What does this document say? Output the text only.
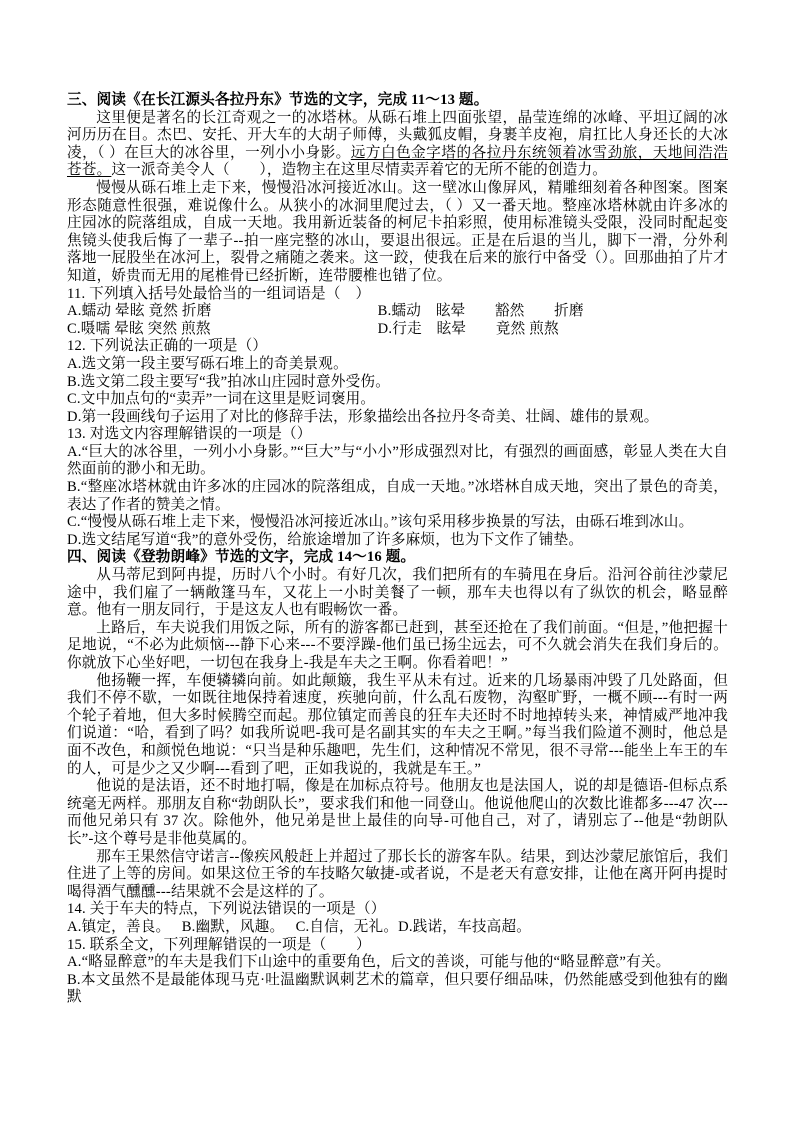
三、阅读《在长江源头各拉丹东》节选的文字，完成 11～13 题。

这里便是著名的长江奇观之一的冰塔林。从砾石堆上四面张望，晶莹连绵的冰峰、平坦辽阔的冰河历历在目。杰巴、安托、开大车的大胡子师傅，头戴狐皮帽，身裹羊皮袍，肩扛比人身还长的大冰凌，（ ）在巨大的冰谷里，一列小小身影。远方白色金字塔的各拉丹东统领着冰雪劲旅，天地间浩浩苍苍。这一派奇美令人（　　），造物主在这里尽情卖弄着它的无所不能的创造力。

慢慢从砾石堆上走下来，慢慢沿冰河接近冰山。这一壁冰山像屏风，精雕细刻着各种图案。图案形态随意性很强，难说像什么。从狭小的冰洞里爬过去，（ ）又一番天地。整座冰塔林就由许多冰的庄园冰的院落组成，自成一天地。我用新近装备的柯尼卡拍彩照，使用标准镜头受限，没同时配起变焦镜头使我后悔了一辈子--拍一座完整的冰山，要退出很远。正是在后退的当儿，脚下一滑，分外利落地一屁股坐在冰河上，裂骨之痛随之袭来。这一跤，使我在后来的旅行中备受（）。回那曲拍了片才知道，娇贵而无用的尾椎骨已经折断，连带腰椎也错了位。

11. 下列填入括号处最恰当的一组词语是（　）
A.蠕动 晕眩 竟然 折磨	B.蠕动　眩晕　　豁然　　折磨
C.嗫嚅 晕眩 突然 煎熬	D.行走　眩晕　　竟然 煎熬
12. 下列说法正确的一项是（）
A.选文第一段主要写砾石堆上的奇美景观。
B.选文第二段主要写“我”拍冰山庄园时意外受伤。
C.文中加点句的“卖弄”一词在这里是贬词褒用。
D.第一段画线句子运用了对比的修辞手法，形象描绘出各拉丹冬奇美、壮阔、雄伟的景观。
13. 对选文内容理解错误的一项是（）
A.“巨大的冰谷里，一列小小身影。”“巨大”与“小小”形成强烈对比，有强烈的画面感，彰显人类在大自然面前的渺小和无助。
B.“整座冰塔林就由许多冰的庄园冰的院落组成，自成一天地。”冰塔林自成天地，突出了景色的奇美，表达了作者的赞美之情。
C.“慢慢从砾石堆上走下来，慢慢沿冰河接近冰山。”该句采用移步换景的写法，由砾石堆到冰山。
D.选文结尾写道“我”的意外受伤，给旅途增加了许多麻烦，也为下文作了铺垫。

四、阅读《登勃朗峰》节选的文字，完成 14～16 题。

从马蒂尼到阿冉提，历时八个小时。有好几次，我们把所有的车骑甩在身后。沿河谷前往沙蒙尼途中，我们雇了一辆敞篷马车，又花上一小时美餐了一顿，那车夫也得以有了纵饮的机会，略显醉意。他有一朋友同行，于是这友人也有暇畅饮一番。

上路后，车夫说我们用饭之际，所有的游客都已赶到，甚至还抢在了我们前面。“但是，”他把握十足地说，“不必为此烦恼---静下心来---不要浮躁-他们虽已扬尘远去，可不久就会消失在我们身后的。你就放下心坐好吧，一切包在我身上-我是车夫之王啊。你看着吧！”

他扬鞭一挥，车便辚辚向前。如此颠簸，我生平从未有过。近来的几场暴雨冲毁了几处路面，但我们不停不歇，一如既往地保持着速度，疾驰向前，什么乱石废物，沟壑旷野，一概不顾---有时一两个轮子着地，但大多时候腾空而起。那位镇定而善良的狂车夫还时不时地掉转头来，神情威严地冲我们说道：“哈，看到了吗？如我所说吧-我可是名副其实的车夫之王啊。”每当我们险道不测时，他总是面不改色，和颜悦色地说：“只当是种乐趣吧，先生们，这种情况不常见，很不寻常---能坐上车王的车的人，可是少之又少啊---看到了吧，正如我说的，我就是车王。”

他说的是法语，还不时地打嗝，像是在加标点符号。他朋友也是法国人，说的却是德语-但标点系统毫无两样。那朋友自称“勃朗队长”，要求我们和他一同登山。他说他爬山的次数比谁都多---47 次---而他兄弟只有 37 次。除他外，他兄弟是世上最佳的向导-可他自己，对了，请别忘了--他是“勃朗队长”-这个尊号是非他莫属的。

那车王果然信守诺言--像疾风般赶上并超过了那长长的游客车队。结果，到达沙蒙尼旅馆后，我们住进了上等的房间。如果这位王爷的车技略欠敏捷-或者说，不是老天有意安排，让他在离开阿冉提时喝得酒气醺醺---结果就不会是这样的了。

14. 关于车夫的特点，下列说法错误的一项是（）
A.镇定，善良。　 B.幽默，风趣。　 C.自信，无礼。D.践诺，车技高超。
15. 联系全文，下列理解错误的一项是（　　）
A.“略显醉意”的车夫是我们下山途中的重要角色，后文的善谈，可能与他的“略显醉意”有关。
B.本文虽然不是最能体现马克·吐温幽默讽刺艺术的篇章，但只要仔细品味，仍然能感受到他独有的幽默
